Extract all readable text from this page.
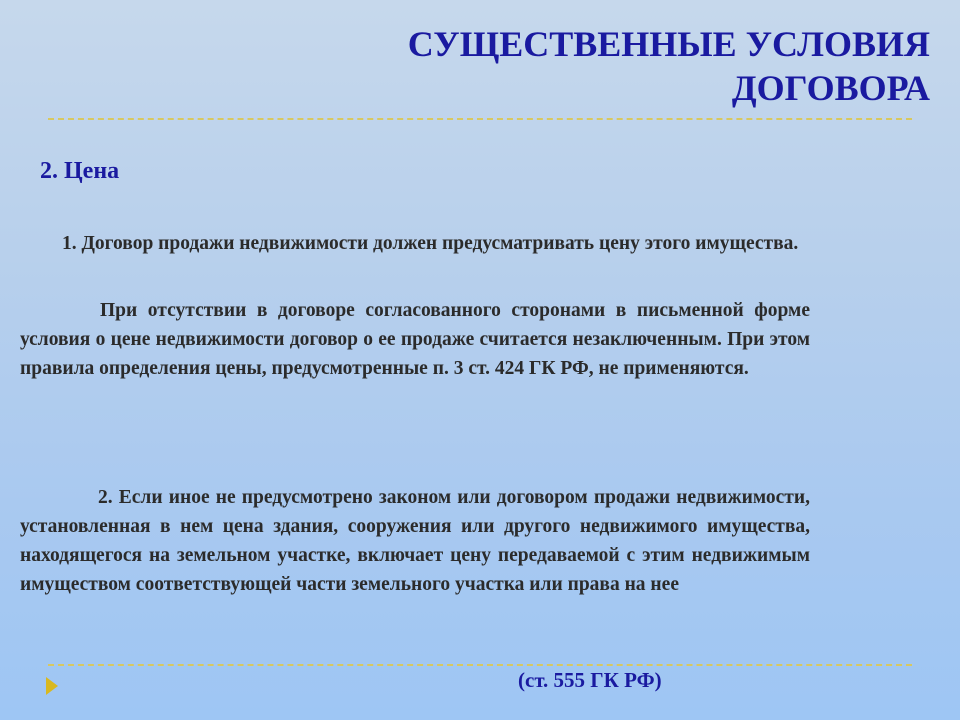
СУЩЕСТВЕННЫЕ УСЛОВИЯ
ДОГОВОРА
2. Цена

1. Договор продажи недвижимости должен предусматривать цену этого имущества.

При отсутствии в договоре согласованного сторонами в письменной форме условия о цене недвижимости договор о ее продаже считается незаключенным. При этом правила определения цены, предусмотренные п. 3 ст. 424 ГК РФ, не применяются.

2. Если иное не предусмотрено законом или договором продажи недвижимости, установленная в нем цена здания, сооружения или другого недвижимого имущества, находящегося на земельном участке, включает цену передаваемой с этим недвижимым имуществом соответствующей части земельного участка или права на нее

(ст. 555 ГК РФ)
